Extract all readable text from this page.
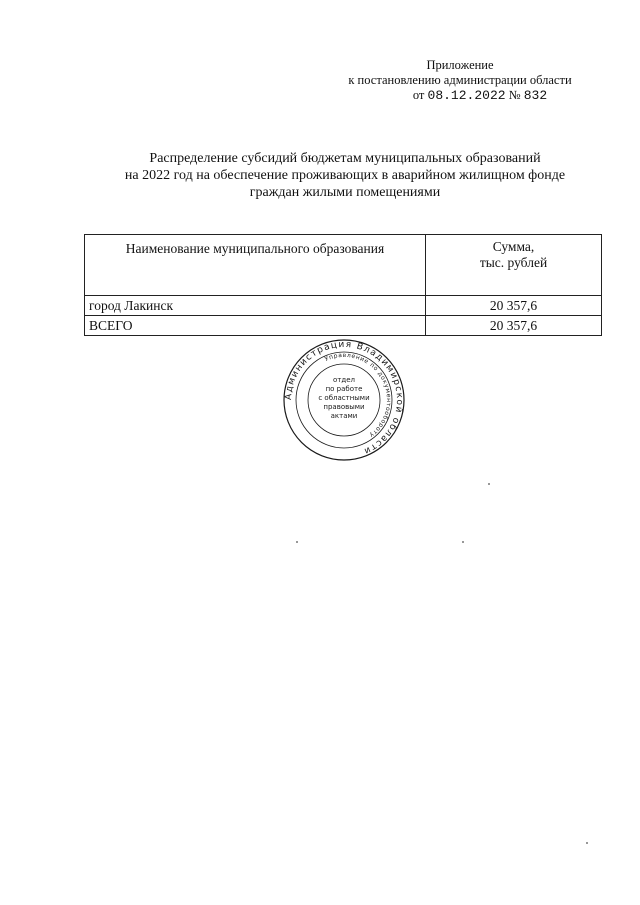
Приложение
к постановлению администрации области
от 08.12.2022 № 832
Распределение субсидий бюджетам муниципальных образований
на 2022 год на обеспечение проживающих в аварийном жилищном фонде
граждан жилыми помещениями
Наименование муниципального образования	Сумма,
тыс. рублей

город Лакинск	20 357,6
ВСЕГО	20 357,6
Администрация Владимирской области
Управление по документообороту
отдел
по работе
с областными
правовыми
актами
